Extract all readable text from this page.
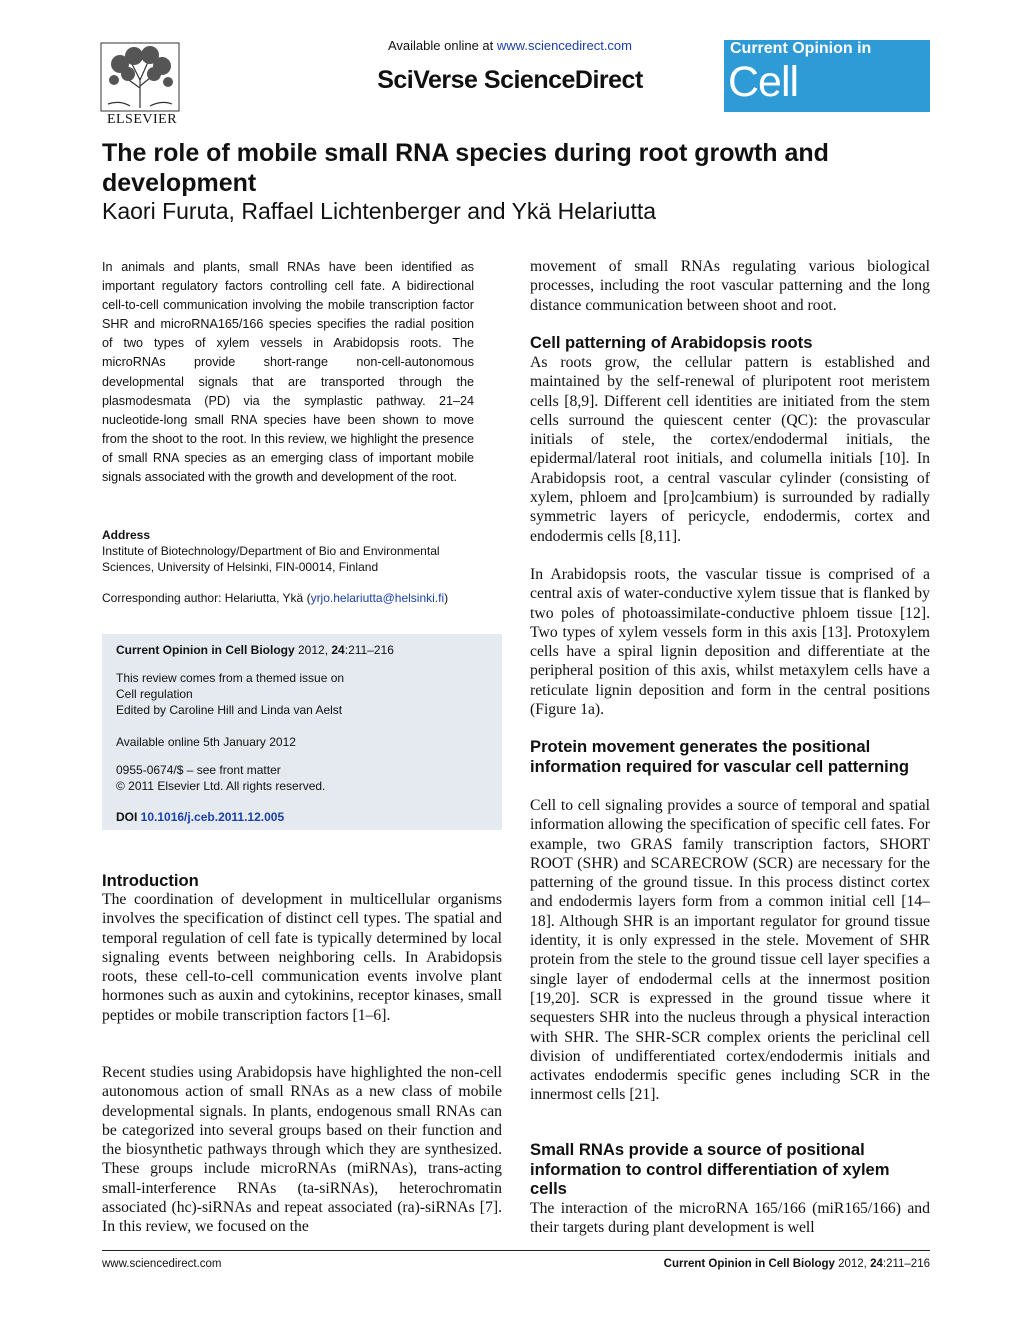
ELSEVIER
Available online at www.sciencedirect.com
SciVerse ScienceDirect
Current Opinion in
Cell Biology
The role of mobile small RNA species during root growth and development
Kaori Furuta, Raffael Lichtenberger and Ykä Helariutta
In animals and plants, small RNAs have been identified as important regulatory factors controlling cell fate. A bidirectional cell-to-cell communication involving the mobile transcription factor SHR and microRNA165/166 species specifies the radial position of two types of xylem vessels in Arabidopsis roots. The microRNAs provide short-range non-cell-autonomous developmental signals that are transported through the plasmodesmata (PD) via the symplastic pathway. 21–24 nucleotide-long small RNA species have been shown to move from the shoot to the root. In this review, we highlight the presence of small RNA species as an emerging class of important mobile signals associated with the growth and development of the root.
Address
Institute of Biotechnology/Department of Bio and Environmental
Sciences, University of Helsinki, FIN-00014, Finland
Corresponding author: Helariutta, Ykä (yrjo.helariutta@helsinki.fi)
Current Opinion in Cell Biology 2012, 24:211–216
This review comes from a themed issue on
Cell regulation
Edited by Caroline Hill and Linda van Aelst
Available online 5th January 2012
0955-0674/$ – see front matter
© 2011 Elsevier Ltd. All rights reserved.
DOI 10.1016/j.ceb.2011.12.005
Introduction
The coordination of development in multicellular organisms involves the specification of distinct cell types. The spatial and temporal regulation of cell fate is typically determined by local signaling events between neighboring cells. In Arabidopsis roots, these cell-to-cell communication events involve plant hormones such as auxin and cytokinins, receptor kinases, small peptides or mobile transcription factors [1–6].
Recent studies using Arabidopsis have highlighted the non-cell autonomous action of small RNAs as a new class of mobile developmental signals. In plants, endogenous small RNAs can be categorized into several groups based on their function and the biosynthetic pathways through which they are synthesized. These groups include microRNAs (miRNAs), trans-acting small-interference RNAs (ta-siRNAs), heterochromatin associated (hc)-siRNAs and repeat associated (ra)-siRNAs [7]. In this review, we focused on the
movement of small RNAs regulating various biological processes, including the root vascular patterning and the long distance communication between shoot and root.
Cell patterning of Arabidopsis roots
As roots grow, the cellular pattern is established and maintained by the self-renewal of pluripotent root meristem cells [8,9]. Different cell identities are initiated from the stem cells surround the quiescent center (QC): the provascular initials of stele, the cortex/endodermal initials, the epidermal/lateral root initials, and columella initials [10]. In Arabidopsis root, a central vascular cylinder (consisting of xylem, phloem and [pro]cambium) is surrounded by radially symmetric layers of pericycle, endodermis, cortex and endodermis cells [8,11].
In Arabidopsis roots, the vascular tissue is comprised of a central axis of water-conductive xylem tissue that is flanked by two poles of photoassimilate-conductive phloem tissue [12]. Two types of xylem vessels form in this axis [13]. Protoxylem cells have a spiral lignin deposition and differentiate at the peripheral position of this axis, whilst metaxylem cells have a reticulate lignin deposition and form in the central positions (Figure 1a).
Protein movement generates the positional information required for vascular cell patterning
Cell to cell signaling provides a source of temporal and spatial information allowing the specification of specific cell fates. For example, two GRAS family transcription factors, SHORT ROOT (SHR) and SCARECROW (SCR) are necessary for the patterning of the ground tissue. In this process distinct cortex and endodermis layers form from a common initial cell [14–18]. Although SHR is an important regulator for ground tissue identity, it is only expressed in the stele. Movement of SHR protein from the stele to the ground tissue cell layer specifies a single layer of endodermal cells at the innermost position [19,20]. SCR is expressed in the ground tissue where it sequesters SHR into the nucleus through a physical interaction with SHR. The SHR-SCR complex orients the periclinal cell division of undifferentiated cortex/endodermis initials and activates endodermis specific genes including SCR in the innermost cells [21].
Small RNAs provide a source of positional information to control differentiation of xylem cells
The interaction of the microRNA 165/166 (miR165/166) and their targets during plant development is well
www.sciencedirect.com	Current Opinion in Cell Biology 2012, 24:211–216
